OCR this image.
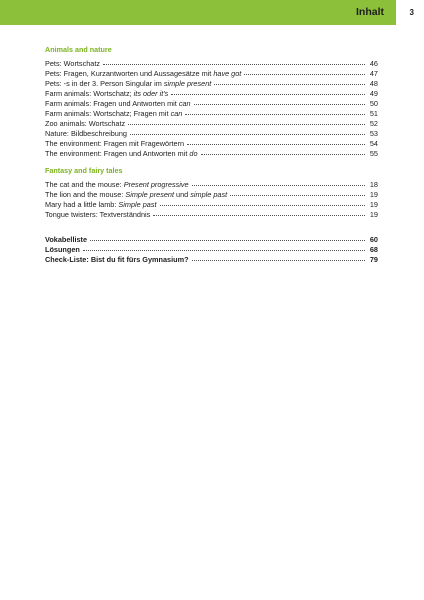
Inhalt	3
Animals and nature
Pets: Wortschatz	46
Pets: Fragen, Kurzantworten und Aussagesätze mit have got	47
Pets: -s in der 3. Person Singular im simple present	48
Farm animals: Wortschatz; its oder it's	49
Farm animals: Fragen und Antworten mit can	50
Farm animals: Wortschatz; Fragen mit can	51
Zoo animals: Wortschatz	52
Nature: Bildbeschreibung	53
The environment: Fragen mit Fragewörtern	54
The environment: Fragen und Antworten mit do	55
Fantasy and fairy tales
The cat and the mouse: Present progressive	18
The lion and the mouse: Simple present und simple past	19
Mary had a little lamb: Simple past	19
Tongue twisters: Textverständnis	19
Vokabelliste	60
Lösungen	68
Check-Liste: Bist du fit fürs Gymnasium?	79
